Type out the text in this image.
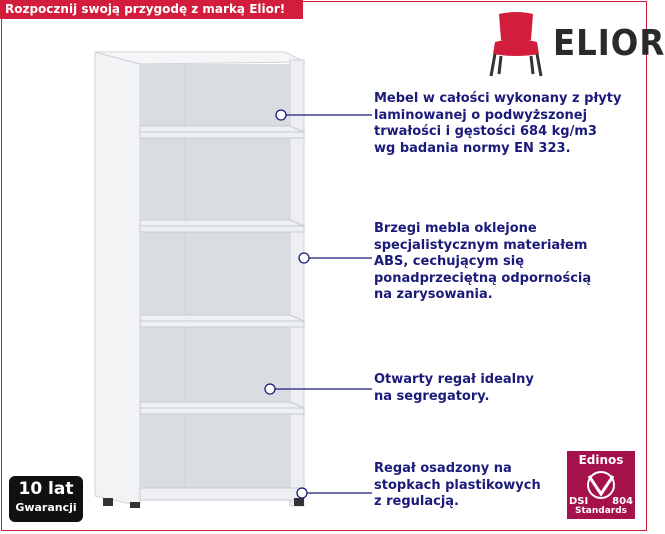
Rozpocznij swoją przygodę z marką Elior!
ELIOR
Mebel w całości wykonany z płyty
laminowanej o podwyższonej
trwałości i gęstości 684 kg/m3
wg badania normy EN 323.
Brzegi mebla oklejone
specjalistycznym materiałem
ABS, cechującym się
ponadprzeciętną odpornością
na zarysowania.
Otwarty regał idealny
na segregatory.
Regał osadzony na
stopkach plastikowych
z regulacją.
10 lat
Gwarancji
Edinos
DSI 804
Standards
